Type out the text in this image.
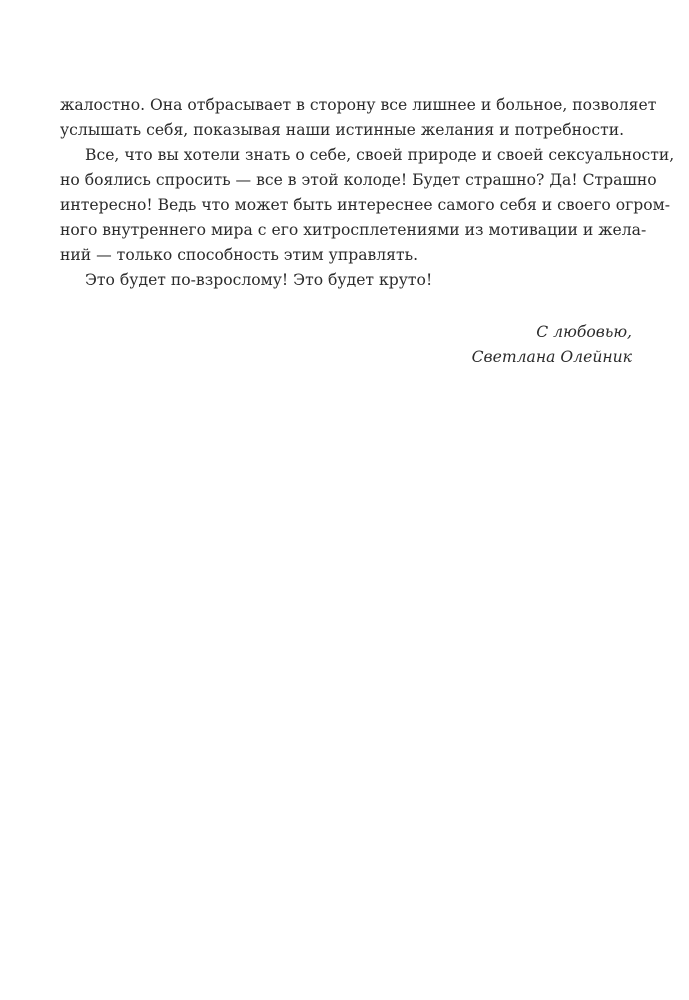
жалостно. Она отбрасывает в сторону все лишнее и больное, позволяет
услышать себя, показывая наши истинные желания и потребности.
Все, что вы хотели знать о себе, своей природе и своей сексуальности,
но боялись спросить — все в этой колоде! Будет страшно? Да! Страшно
интересно! Ведь что может быть интереснее самого себя и своего огром-
ного внутреннего мира с его хитросплетениями из мотивации и жела-
ний — только способность этим управлять.
Это будет по-взрослому! Это будет круто!
С любовью,
Светлана Олейник
